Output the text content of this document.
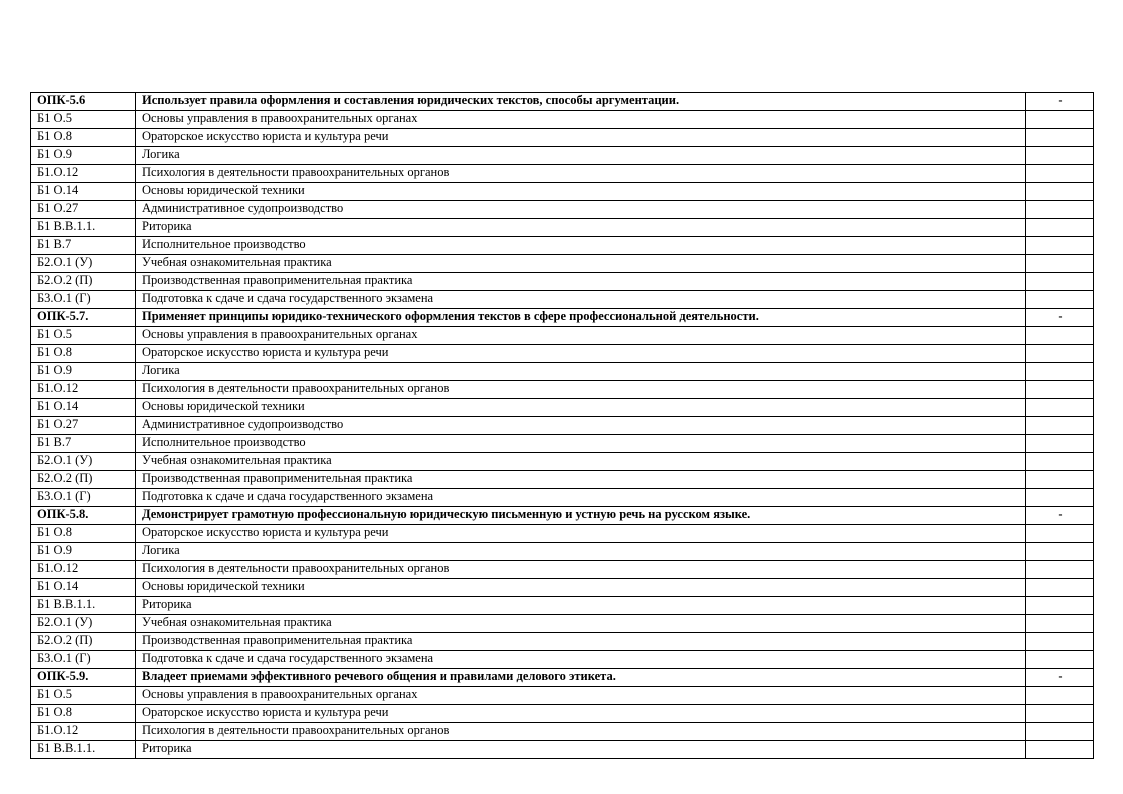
ОПК-5.6	Использует правила оформления и составления юридических текстов, способы аргументации.	-
Б1 О.5	Основы управления в правоохранительных органах	
Б1 О.8	Ораторское искусство юриста и культура речи	
Б1 О.9	Логика	
Б1.О.12	Психология в деятельности правоохранительных органов	
Б1 О.14	Основы юридической техники	
Б1 О.27	Административное судопроизводство	
Б1 В.В.1.1.	Риторика	
Б1 В.7	Исполнительное производство	
Б2.О.1 (У)	Учебная ознакомительная практика	
Б2.О.2 (П)	Производственная правоприменительная практика	
Б3.О.1 (Г)	Подготовка к сдаче и сдача государственного экзамена	
ОПК-5.7.	Применяет принципы юридико-технического оформления текстов в сфере профессиональной деятельности.	-
Б1 О.5	Основы управления в правоохранительных органах	
Б1 О.8	Ораторское искусство юриста и культура речи	
Б1 О.9	Логика	
Б1.О.12	Психология в деятельности правоохранительных органов	
Б1 О.14	Основы юридической техники	
Б1 О.27	Административное судопроизводство	
Б1 В.7	Исполнительное производство	
Б2.О.1 (У)	Учебная ознакомительная практика	
Б2.О.2 (П)	Производственная правоприменительная практика	
Б3.О.1 (Г)	Подготовка к сдаче и сдача государственного экзамена	
ОПК-5.8.	Демонстрирует грамотную профессиональную юридическую письменную и устную речь на русском языке.	-
Б1 О.8	Ораторское искусство юриста и культура речи	
Б1 О.9	Логика	
Б1.О.12	Психология в деятельности правоохранительных органов	
Б1 О.14	Основы юридической техники	
Б1 В.В.1.1.	Риторика	
Б2.О.1 (У)	Учебная ознакомительная практика	
Б2.О.2 (П)	Производственная правоприменительная практика	
Б3.О.1 (Г)	Подготовка к сдаче и сдача государственного экзамена	
ОПК-5.9.	Владеет приемами эффективного речевого общения и правилами делового этикета.	-
Б1 О.5	Основы управления в правоохранительных органах	
Б1 О.8	Ораторское искусство юриста и культура речи	
Б1.О.12	Психология в деятельности правоохранительных органов	
Б1 В.В.1.1.	Риторика	
